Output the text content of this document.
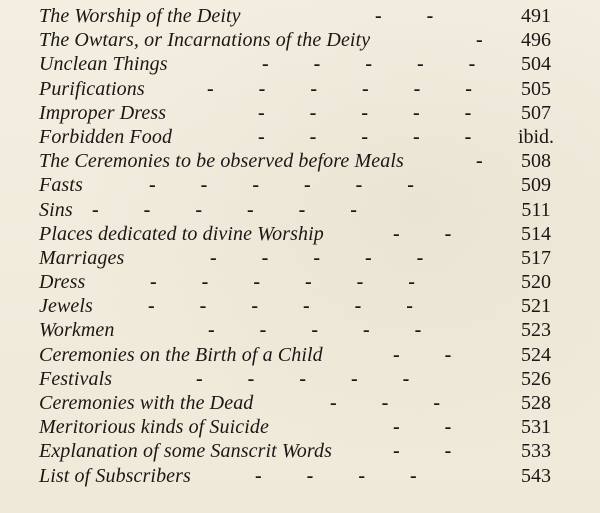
The Worship of the Deity	-         -	491
The Owtars, or Incarnations of the Deity	-	496
Unclean Things	-         -         -         -         -	504
Purifications	-         -         -         -         -         -	505
Improper Dress	-         -         -         -         -	507
Forbidden Food	-         -         -         -         -	ibid.
The Ceremonies to be observed before Meals	-	508
Fasts	-         -         -         -         -         -	509
Sins -         -         -         -         -         -	511
Places dedicated to divine Worship	-         -	514
Marriages	-         -         -         -         -	517
Dress	-         -         -         -         -         -	520
Jewels	-         -         -         -         -         -	521
Workmen	-         -         -         -         -	523
Ceremonies on the Birth of a Child	-         -	524
Festivals	-         -         -         -         -	526
Ceremonies with the Dead	-         -         -	528
Meritorious kinds of Suicide	-         -	531
Explanation of some Sanscrit Words	-         -	533
List of Subscribers	-         -         -         -	543
